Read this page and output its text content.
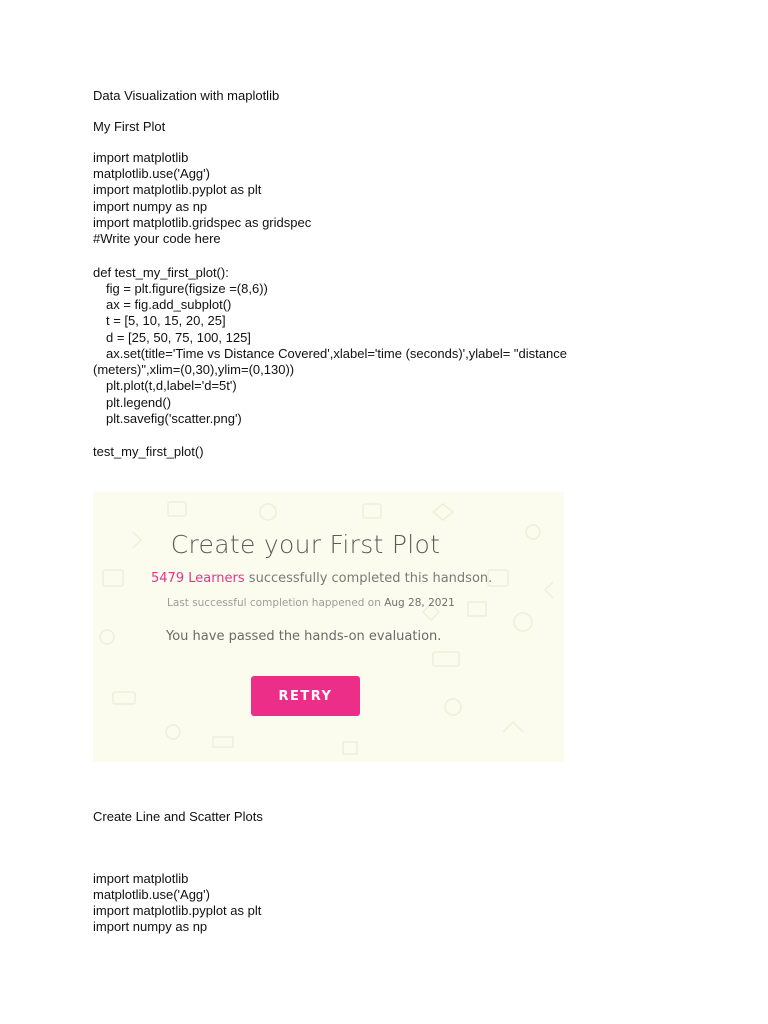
Data Visualization with maplotlib
My First Plot
import matplotlib
matplotlib.use('Agg')
import matplotlib.pyplot as plt
import numpy as np
import matplotlib.gridspec as gridspec
#Write your code here
def test_my_first_plot():
fig = plt.figure(figsize =(8,6))
ax = fig.add_subplot()
t = [5, 10, 15, 20, 25]
d = [25, 50, 75, 100, 125]
ax.set(title='Time vs Distance Covered',xlabel='time (seconds)',ylabel= "distance
(meters)",xlim=(0,30),ylim=(0,130))
plt.plot(t,d,label='d=5t')
plt.legend()
plt.savefig('scatter.png')
test_my_first_plot()
Create your First Plot
5479 Learners successfully completed this handson.
Last successful completion happened on Aug 28, 2021
You have passed the hands-on evaluation.
RETRY
Create Line and Scatter Plots
import matplotlib
matplotlib.use('Agg')
import matplotlib.pyplot as plt
import numpy as np
